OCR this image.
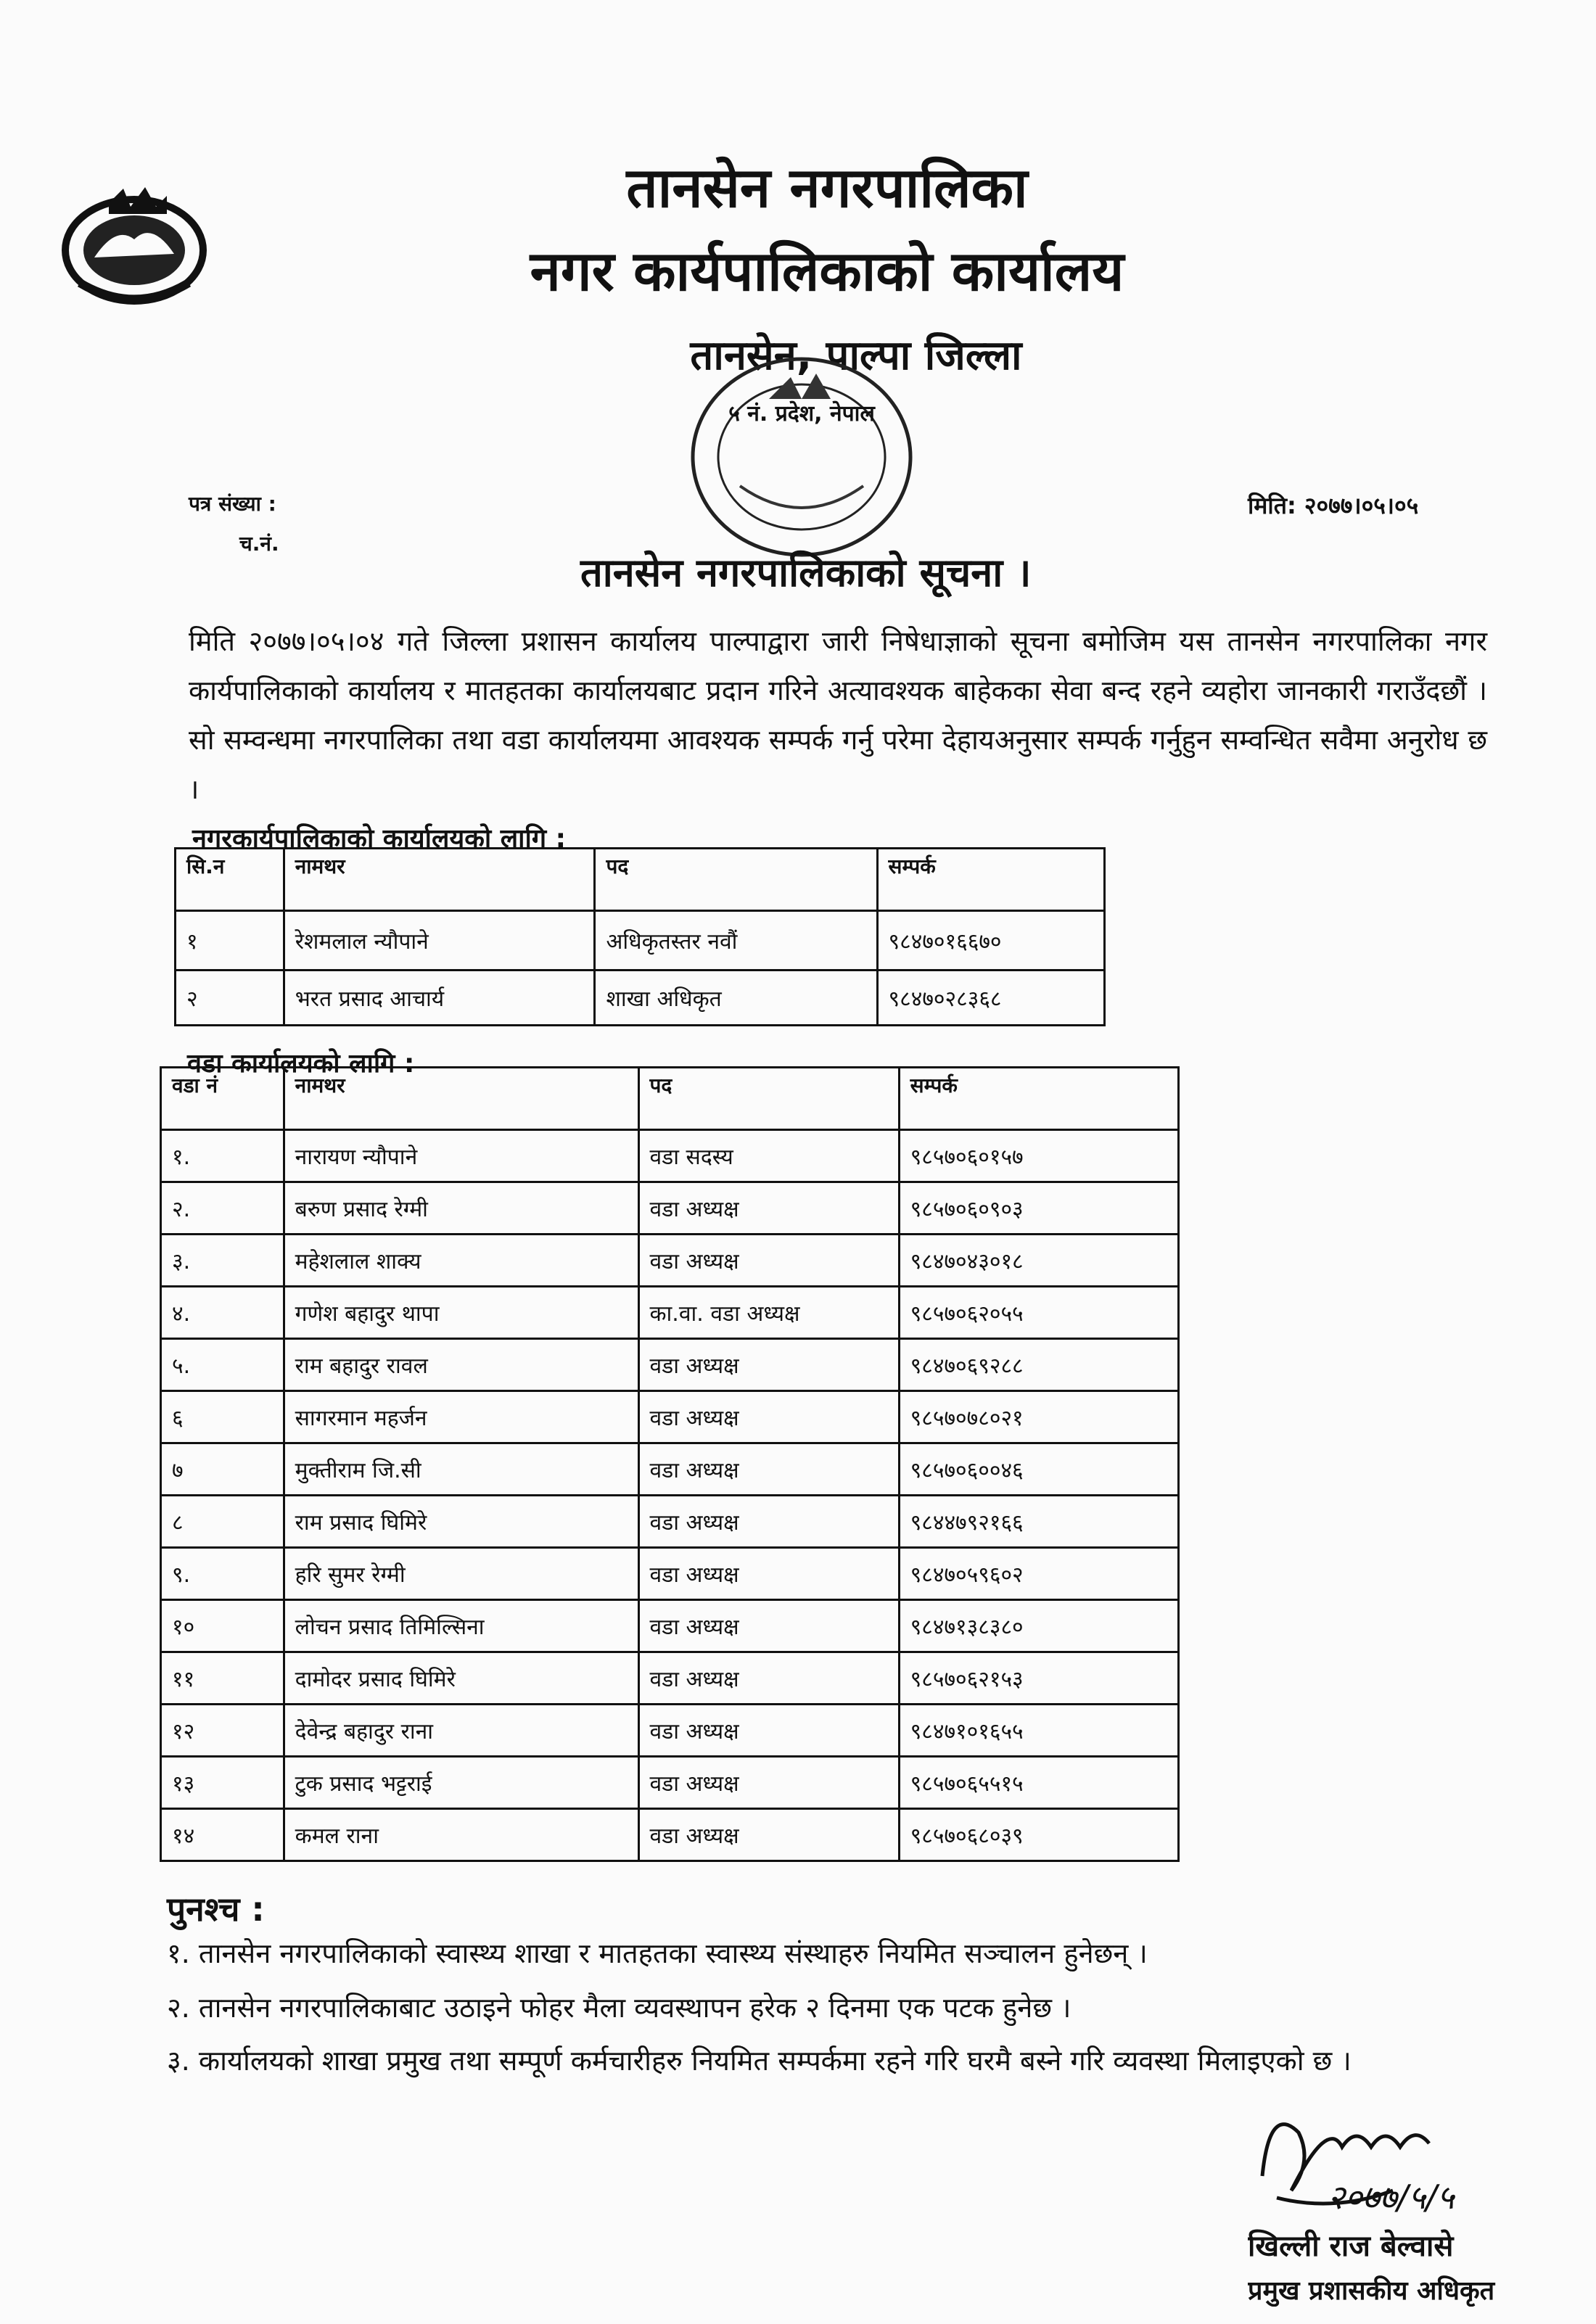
तानसेन नगरपालिका
नगर कार्यपालिकाको कार्यालय
तानसेन, पाल्पा जिल्ला
५ नं. प्रदेश, नेपाल
पत्र संख्या :
च.नं.
मिति: २०७७।०५।०५
तानसेन नगरपालिकाको सूचना ।
मिति २०७७।०५।०४ गते जिल्ला प्रशासन कार्यालय पाल्पाद्वारा जारी निषेधाज्ञाको सूचना बमोजिम यस तानसेन नगरपालिका नगर कार्यपालिकाको कार्यालय र मातहतका कार्यालयबाट प्रदान गरिने अत्यावश्यक बाहेकका सेवा बन्द रहने व्यहोरा जानकारी गराउँदछौं । सो सम्वन्धमा नगरपालिका तथा वडा कार्यालयमा आवश्यक सम्पर्क गर्नु परेमा देहायअनुसार सम्पर्क गर्नुहुन सम्वन्धित सवैमा अनुरोध छ ।
नगरकार्यपालिकाको कार्यालयको लागि :
सि.न	नामथर	पद	सम्पर्क
१	रेशमलाल न्यौपाने	अधिकृतस्तर नवौं	९८४७०१६६७०
२	भरत प्रसाद आचार्य	शाखा अधिकृत	९८४७०२८३६८
वडा कार्यालयको लागि :
वडा नं	नामथर	पद	सम्पर्क
१.	नारायण न्यौपाने	वडा सदस्य	९८५७०६०१५७
२.	बरुण प्रसाद रेग्मी	वडा अध्यक्ष	९८५७०६०९०३
३.	महेशलाल शाक्य	वडा अध्यक्ष	९८४७०४३०१८
४.	गणेश बहादुर थापा	का.वा. वडा अध्यक्ष	९८५७०६२०५५
५.	राम बहादुर रावल	वडा अध्यक्ष	९८४७०६९२८८
६	सागरमान महर्जन	वडा अध्यक्ष	९८५७०७८०२१
७	मुक्तीराम जि.सी	वडा अध्यक्ष	९८५७०६००४६
८	राम प्रसाद घिमिरे	वडा अध्यक्ष	९८४४७९२१६६
९.	हरि सुमर रेग्मी	वडा अध्यक्ष	९८४७०५९६०२
१०	लोचन प्रसाद तिमिल्सिना	वडा अध्यक्ष	९८४७१३८३८०
११	दामोदर प्रसाद घिमिरे	वडा अध्यक्ष	९८५७०६२१५३
१२	देवेन्द्र बहादुर राना	वडा अध्यक्ष	९८४७१०१६५५
१३	टुक प्रसाद भट्टराई	वडा अध्यक्ष	९८५७०६५५१५
१४	कमल राना	वडा अध्यक्ष	९८५७०६८०३९
पुनश्च :
१. तानसेन नगरपालिकाको स्वास्थ्य शाखा र मातहतका स्वास्थ्य संस्थाहरु नियमित सञ्चालन हुनेछन् ।
२. तानसेन नगरपालिकाबाट उठाइने फोहर मैला व्यवस्थापन हरेक २ दिनमा एक पटक हुनेछ ।
३. कार्यालयको शाखा प्रमुख तथा सम्पूर्ण कर्मचारीहरु नियमित सम्पर्कमा रहने गरि घरमै बस्ने गरि व्यवस्था मिलाइएको छ ।
२०७७/५/५
खिल्ली राज बेल्वासे
प्रमुख प्रशासकीय अधिकृत
